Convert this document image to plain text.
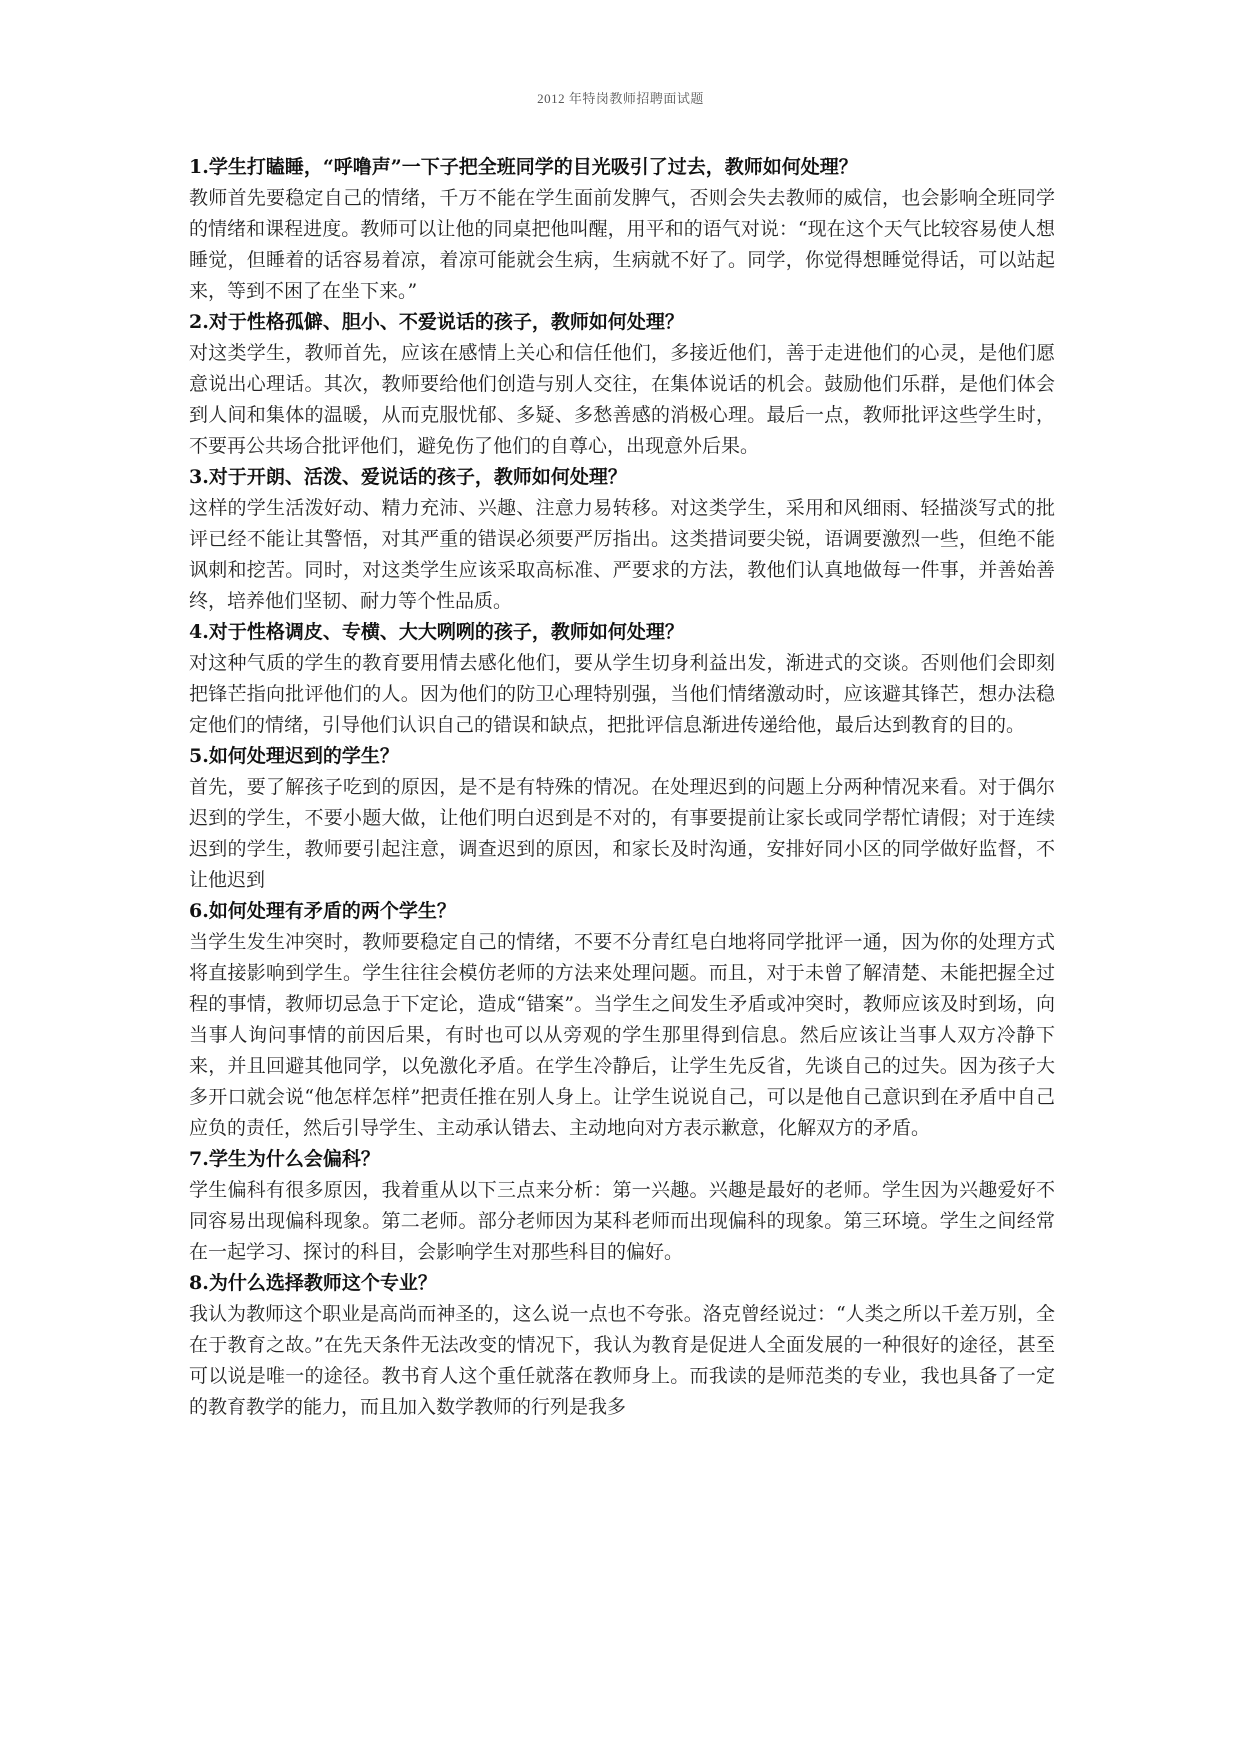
2012 年特岗教师招聘面试题

1.学生打瞌睡，“呼噜声”一下子把全班同学的目光吸引了过去，教师如何处理？

教师首先要稳定自己的情绪，千万不能在学生面前发脾气，否则会失去教师的威信，也会影响全班同学的情绪和课程进度。教师可以让他的同桌把他叫醒，用平和的语气对说：“现在这个天气比较容易使人想睡觉，但睡着的话容易着凉，着凉可能就会生病，生病就不好了。同学，你觉得想睡觉得话，可以站起来，等到不困了在坐下来。”

2.对于性格孤僻、胆小、不爱说话的孩子，教师如何处理？

对这类学生，教师首先，应该在感情上关心和信任他们，多接近他们，善于走进他们的心灵，是他们愿意说出心理话。其次，教师要给他们创造与别人交往，在集体说话的机会。鼓励他们乐群，是他们体会到人间和集体的温暖，从而克服忧郁、多疑、多愁善感的消极心理。最后一点，教师批评这些学生时，不要再公共场合批评他们，避免伤了他们的自尊心，出现意外后果。

3.对于开朗、活泼、爱说话的孩子，教师如何处理？

这样的学生活泼好动、精力充沛、兴趣、注意力易转移。对这类学生，采用和风细雨、轻描淡写式的批评已经不能让其警悟，对其严重的错误必须要严厉指出。这类措词要尖锐，语调要激烈一些，但绝不能讽刺和挖苦。同时，对这类学生应该采取高标准、严要求的方法，教他们认真地做每一件事，并善始善终，培养他们坚韧、耐力等个性品质。

4.对于性格调皮、专横、大大咧咧的孩子，教师如何处理？

对这种气质的学生的教育要用情去感化他们，要从学生切身利益出发，渐进式的交谈。否则他们会即刻把锋芒指向批评他们的人。因为他们的防卫心理特别强，当他们情绪激动时，应该避其锋芒，想办法稳定他们的情绪，引导他们认识自己的错误和缺点，把批评信息渐进传递给他，最后达到教育的目的。

5.如何处理迟到的学生？

首先，要了解孩子吃到的原因，是不是有特殊的情况。在处理迟到的问题上分两种情况来看。对于偶尔迟到的学生，不要小题大做，让他们明白迟到是不对的，有事要提前让家长或同学帮忙请假；对于连续迟到的学生，教师要引起注意，调查迟到的原因，和家长及时沟通，安排好同小区的同学做好监督，不让他迟到

6.如何处理有矛盾的两个学生？

当学生发生冲突时，教师要稳定自己的情绪，不要不分青红皂白地将同学批评一通，因为你的处理方式将直接影响到学生。学生往往会模仿老师的方法来处理问题。而且，对于未曾了解清楚、未能把握全过程的事情，教师切忌急于下定论，造成“错案”。当学生之间发生矛盾或冲突时，教师应该及时到场，向当事人询问事情的前因后果，有时也可以从旁观的学生那里得到信息。然后应该让当事人双方冷静下来，并且回避其他同学，以免激化矛盾。在学生冷静后，让学生先反省，先谈自己的过失。因为孩子大多开口就会说“他怎样怎样”把责任推在别人身上。让学生说说自己，可以是他自己意识到在矛盾中自己应负的责任，然后引导学生、主动承认错去、主动地向对方表示歉意，化解双方的矛盾。

7.学生为什么会偏科？

学生偏科有很多原因，我着重从以下三点来分析：第一兴趣。兴趣是最好的老师。学生因为兴趣爱好不同容易出现偏科现象。第二老师。部分老师因为某科老师而出现偏科的现象。第三环境。学生之间经常在一起学习、探讨的科目，会影响学生对那些科目的偏好。

8.为什么选择教师这个专业？

我认为教师这个职业是高尚而神圣的，这么说一点也不夸张。洛克曾经说过：“人类之所以千差万别，全在于教育之故。”在先天条件无法改变的情况下，我认为教育是促进人全面发展的一种很好的途径，甚至可以说是唯一的途径。教书育人这个重任就落在教师身上。而我读的是师范类的专业，我也具备了一定的教育教学的能力，而且加入数学教师的行列是我多
